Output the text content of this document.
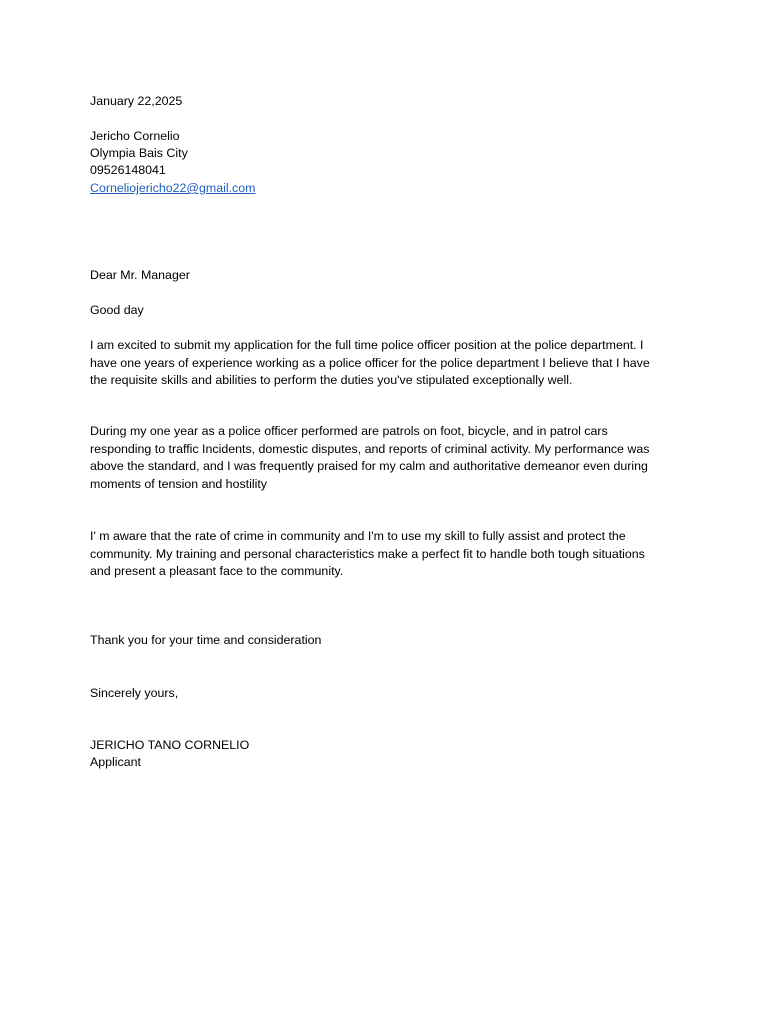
January 22,2025
Jericho Cornelio
Olympia Bais City
09526148041
Corneliojericho22@gmail.com
Dear Mr. Manager
Good day
I am excited to submit my application for the full time police officer position at the police department. I
have one years of experience working as a police officer for the police department I believe that I have
the requisite skills and abilities to perform the duties you've stipulated exceptionally well.
During my one year as a police officer performed are patrols on foot, bicycle, and in patrol cars
responding to traffic Incidents, domestic disputes, and reports of criminal activity. My performance was
above the standard, and I was frequently praised for my calm and authoritative demeanor even during
moments of tension and hostility
I' m aware that the rate of crime in community and I'm to use my skill to fully assist and protect the
community. My training and personal characteristics make a perfect fit to handle both tough situations
and present a pleasant face to the community.
Thank you for your time and consideration
Sincerely yours,
JERICHO TANO CORNELIO
Applicant
